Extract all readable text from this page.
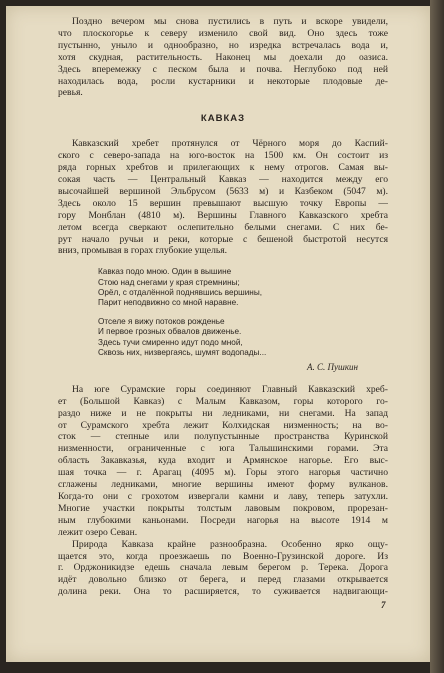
Поздно вечером мы снова пустились в путь и вскоре увидели,
что плоскогорье к северу изменило свой вид. Оно здесь тоже
пустынно, уныло и однообразно, но изредка встречалась вода и,
хотя скудная, растительность. Наконец мы доехали до оазиса.
Здесь вперемежку с песком была и почва. Неглубоко под ней
находилась вода, росли кустарники и некоторые плодовые де-
ревья.
КАВКАЗ
Кавказский хребет протянулся от Чёрного моря до Каспий-
ского с северо-запада на юго-восток на 1500 км. Он состоит из
ряда горных хребтов и прилегающих к нему отрогов. Самая вы-
сокая часть — Центральный Кавказ — находится между его
высочайшей вершиной Эльбрусом (5633 м) и Казбеком (5047 м).
Здесь около 15 вершин превышают высшую точку Европы —
гору Монблан (4810 м). Вершины Главного Кавказского хребта
летом всегда сверкают ослепительно белыми снегами. С них бе-
рут начало ручьи и реки, которые с бешеной быстротой несутся
вниз, промывая в горах глубокие ущелья.
Кавказ подо мною. Один в вышине
Стою над снегами у края стремнины;
Орёл, с отдалённой поднявшись вершины,
Парит неподвижно со мной наравне.
Отселе я вижу потоков рожденье
И первое грозных обвалов движенье.
Здесь тучи смиренно идут подо мной,
Сквозь них, низвергаясь, шумят водопады...
А. С. Пушкин
На юге Сурамские горы соединяют Главный Кавказский хреб-
ет (Большой Кавказ) с Малым Кавказом, горы которого го-
раздо ниже и не покрыты ни ледниками, ни снегами. На запад
от Сурамского хребта лежит Колхидская низменность; на во-
сток — степные или полупустынные пространства Куринской
низменности, ограниченные с юга Талышинскими горами. Эта
область Закавказья, куда входит и Армянское нагорье. Его выс-
шая точка — г. Арагац (4095 м). Горы этого нагорья частично
сглажены ледниками, многие вершины имеют форму вулканов.
Когда-то они с грохотом извергали камни и лаву, теперь затухли.
Многие участки покрыты толстым лавовым покровом, прорезан-
ным глубокими каньонами. Посреди нагорья на высоте 1914 м
лежит озеро Севан.
Природа Кавказа крайне разнообразна. Особенно ярко ощу-
щается это, когда проезжаешь по Военно-Грузинской дороге. Из
г. Орджоникидзе едешь сначала левым берегом р. Терека. Дорога
идёт довольно близко от берега, и перед глазами открывается
долина реки. Она то расширяется, то суживается надвигающи-
7
